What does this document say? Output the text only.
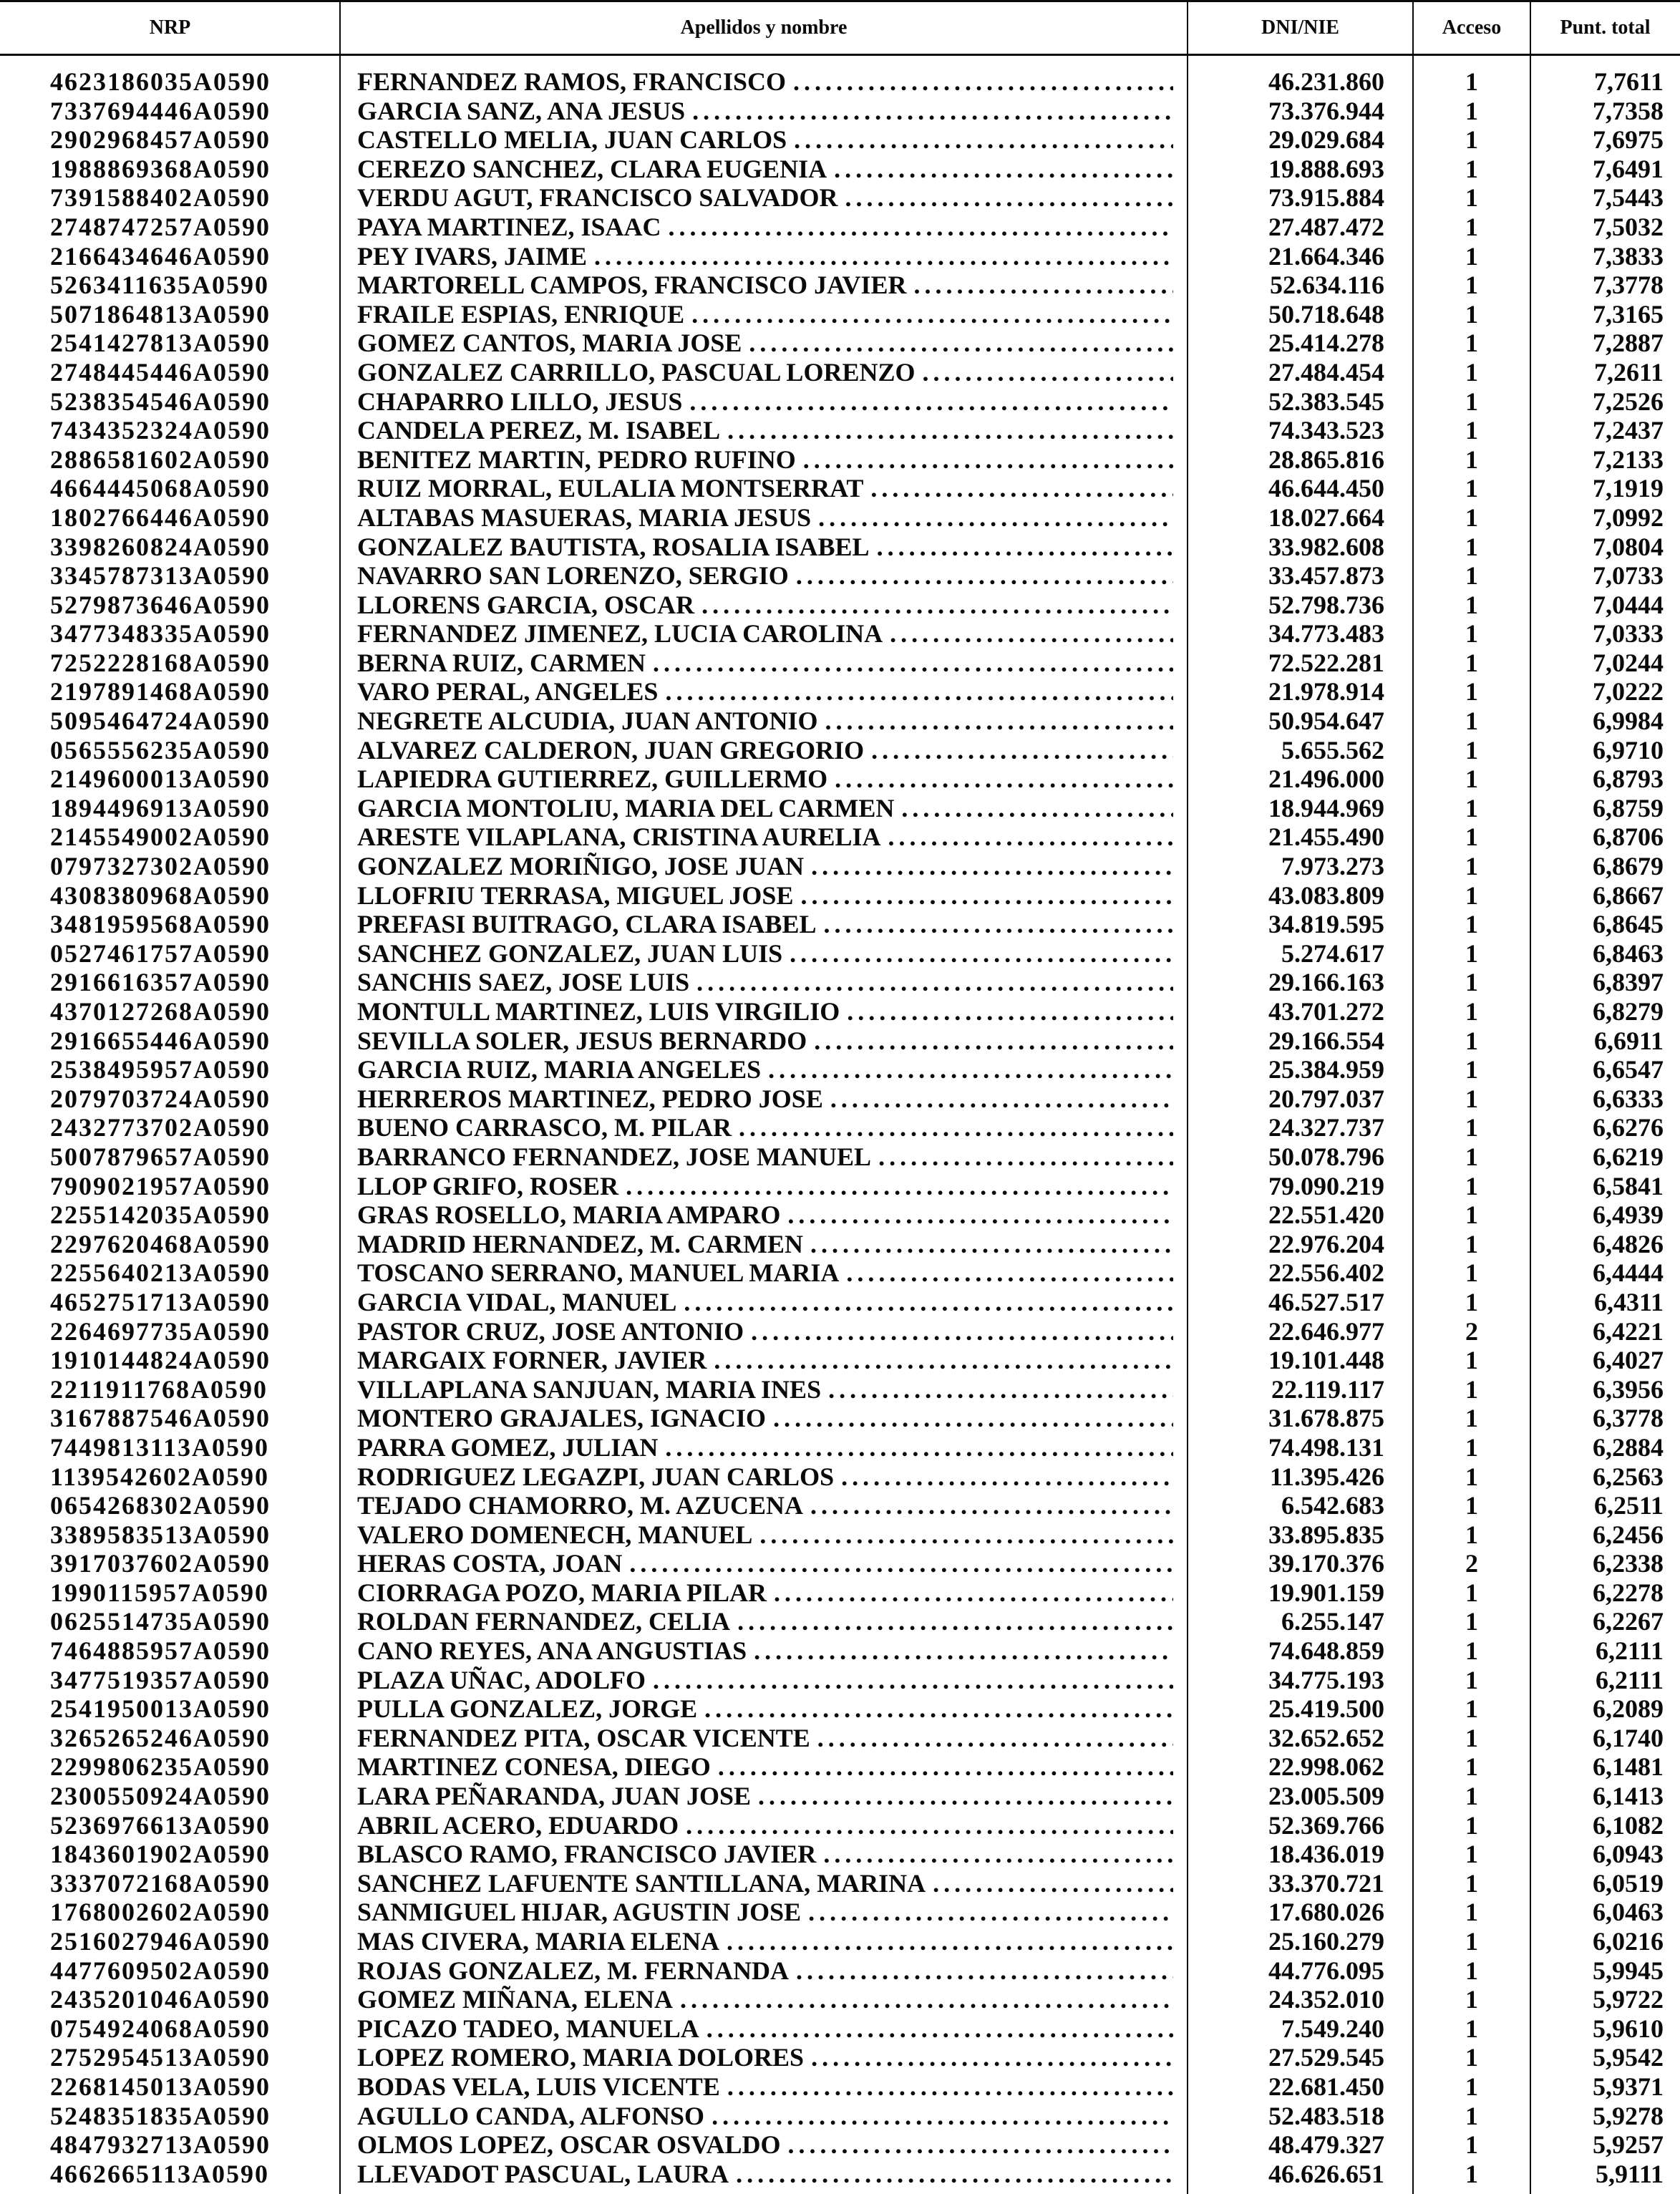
NRP	Apellidos y nombre	DNI/NIE	Acceso	Punt. total
4623186035A0590	FERNANDEZ RAMOS, FRANCISCO .....	46.231.860	1	7,7611
7337694446A0590	GARCIA SANZ, ANA JESUS .....	73.376.944	1	7,7358
2902968457A0590	CASTELLO MELIA, JUAN CARLOS .....	29.029.684	1	7,6975
1988869368A0590	CEREZO SANCHEZ, CLARA EUGENIA .....	19.888.693	1	7,6491
7391588402A0590	VERDU AGUT, FRANCISCO SALVADOR .....	73.915.884	1	7,5443
2748747257A0590	PAYA MARTINEZ, ISAAC .....	27.487.472	1	7,5032
2166434646A0590	PEY IVARS, JAIME .....	21.664.346	1	7,3833
5263411635A0590	MARTORELL CAMPOS, FRANCISCO JAVIER .....	52.634.116	1	7,3778
5071864813A0590	FRAILE ESPIAS, ENRIQUE .....	50.718.648	1	7,3165
2541427813A0590	GOMEZ CANTOS, MARIA JOSE .....	25.414.278	1	7,2887
2748445446A0590	GONZALEZ CARRILLO, PASCUAL LORENZO .....	27.484.454	1	7,2611
5238354546A0590	CHAPARRO LILLO, JESUS .....	52.383.545	1	7,2526
7434352324A0590	CANDELA PEREZ, M. ISABEL .....	74.343.523	1	7,2437
2886581602A0590	BENITEZ MARTIN, PEDRO RUFINO .....	28.865.816	1	7,2133
4664445068A0590	RUIZ MORRAL, EULALIA MONTSERRAT .....	46.644.450	1	7,1919
1802766446A0590	ALTABAS MASUERAS, MARIA JESUS .....	18.027.664	1	7,0992
3398260824A0590	GONZALEZ BAUTISTA, ROSALIA ISABEL .....	33.982.608	1	7,0804
3345787313A0590	NAVARRO SAN LORENZO, SERGIO .....	33.457.873	1	7,0733
5279873646A0590	LLORENS GARCIA, OSCAR .....	52.798.736	1	7,0444
3477348335A0590	FERNANDEZ JIMENEZ, LUCIA CAROLINA .....	34.773.483	1	7,0333
7252228168A0590	BERNA RUIZ, CARMEN .....	72.522.281	1	7,0244
2197891468A0590	VARO PERAL, ANGELES .....	21.978.914	1	7,0222
5095464724A0590	NEGRETE ALCUDIA, JUAN ANTONIO .....	50.954.647	1	6,9984
0565556235A0590	ALVAREZ CALDERON, JUAN GREGORIO .....	5.655.562	1	6,9710
2149600013A0590	LAPIEDRA GUTIERREZ, GUILLERMO .....	21.496.000	1	6,8793
1894496913A0590	GARCIA MONTOLIU, MARIA DEL CARMEN .....	18.944.969	1	6,8759
2145549002A0590	ARESTE VILAPLANA, CRISTINA AURELIA .....	21.455.490	1	6,8706
0797327302A0590	GONZALEZ MORIÑIGO, JOSE JUAN .....	7.973.273	1	6,8679
4308380968A0590	LLOFRIU TERRASA, MIGUEL JOSE .....	43.083.809	1	6,8667
3481959568A0590	PREFASI BUITRAGO, CLARA ISABEL .....	34.819.595	1	6,8645
0527461757A0590	SANCHEZ GONZALEZ, JUAN LUIS .....	5.274.617	1	6,8463
2916616357A0590	SANCHIS SAEZ, JOSE LUIS .....	29.166.163	1	6,8397
4370127268A0590	MONTULL MARTINEZ, LUIS VIRGILIO .....	43.701.272	1	6,8279
2916655446A0590	SEVILLA SOLER, JESUS BERNARDO .....	29.166.554	1	6,6911
2538495957A0590	GARCIA RUIZ, MARIA ANGELES .....	25.384.959	1	6,6547
2079703724A0590	HERREROS MARTINEZ, PEDRO JOSE .....	20.797.037	1	6,6333
2432773702A0590	BUENO CARRASCO, M. PILAR .....	24.327.737	1	6,6276
5007879657A0590	BARRANCO FERNANDEZ, JOSE MANUEL .....	50.078.796	1	6,6219
7909021957A0590	LLOP GRIFO, ROSER .....	79.090.219	1	6,5841
2255142035A0590	GRAS ROSELLO, MARIA AMPARO .....	22.551.420	1	6,4939
2297620468A0590	MADRID HERNANDEZ, M. CARMEN .....	22.976.204	1	6,4826
2255640213A0590	TOSCANO SERRANO, MANUEL MARIA .....	22.556.402	1	6,4444
4652751713A0590	GARCIA VIDAL, MANUEL .....	46.527.517	1	6,4311
2264697735A0590	PASTOR CRUZ, JOSE ANTONIO .....	22.646.977	2	6,4221
1910144824A0590	MARGAIX FORNER, JAVIER .....	19.101.448	1	6,4027
2211911768A0590	VILLAPLANA SANJUAN, MARIA INES .....	22.119.117	1	6,3956
3167887546A0590	MONTERO GRAJALES, IGNACIO .....	31.678.875	1	6,3778
7449813113A0590	PARRA GOMEZ, JULIAN .....	74.498.131	1	6,2884
1139542602A0590	RODRIGUEZ LEGAZPI, JUAN CARLOS .....	11.395.426	1	6,2563
0654268302A0590	TEJADO CHAMORRO, M. AZUCENA .....	6.542.683	1	6,2511
3389583513A0590	VALERO DOMENECH, MANUEL .....	33.895.835	1	6,2456
3917037602A0590	HERAS COSTA, JOAN .....	39.170.376	2	6,2338
1990115957A0590	CIORRAGA POZO, MARIA PILAR .....	19.901.159	1	6,2278
0625514735A0590	ROLDAN FERNANDEZ, CELIA .....	6.255.147	1	6,2267
7464885957A0590	CANO REYES, ANA ANGUSTIAS .....	74.648.859	1	6,2111
3477519357A0590	PLAZA UÑAC, ADOLFO .....	34.775.193	1	6,2111
2541950013A0590	PULLA GONZALEZ, JORGE .....	25.419.500	1	6,2089
3265265246A0590	FERNANDEZ PITA, OSCAR VICENTE .....	32.652.652	1	6,1740
2299806235A0590	MARTINEZ CONESA, DIEGO .....	22.998.062	1	6,1481
2300550924A0590	LARA PEÑARANDA, JUAN JOSE .....	23.005.509	1	6,1413
5236976613A0590	ABRIL ACERO, EDUARDO .....	52.369.766	1	6,1082
1843601902A0590	BLASCO RAMO, FRANCISCO JAVIER .....	18.436.019	1	6,0943
3337072168A0590	SANCHEZ LAFUENTE SANTILLANA, MARINA .....	33.370.721	1	6,0519
1768002602A0590	SANMIGUEL HIJAR, AGUSTIN JOSE .....	17.680.026	1	6,0463
2516027946A0590	MAS CIVERA, MARIA ELENA .....	25.160.279	1	6,0216
4477609502A0590	ROJAS GONZALEZ, M. FERNANDA .....	44.776.095	1	5,9945
2435201046A0590	GOMEZ MIÑANA, ELENA .....	24.352.010	1	5,9722
0754924068A0590	PICAZO TADEO, MANUELA .....	7.549.240	1	5,9610
2752954513A0590	LOPEZ ROMERO, MARIA DOLORES .....	27.529.545	1	5,9542
2268145013A0590	BODAS VELA, LUIS VICENTE .....	22.681.450	1	5,9371
5248351835A0590	AGULLO CANDA, ALFONSO .....	52.483.518	1	5,9278
4847932713A0590	OLMOS LOPEZ, OSCAR OSVALDO .....	48.479.327	1	5,9257
4662665113A0590	LLEVADOT PASCUAL, LAURA .....	46.626.651	1	5,9111
